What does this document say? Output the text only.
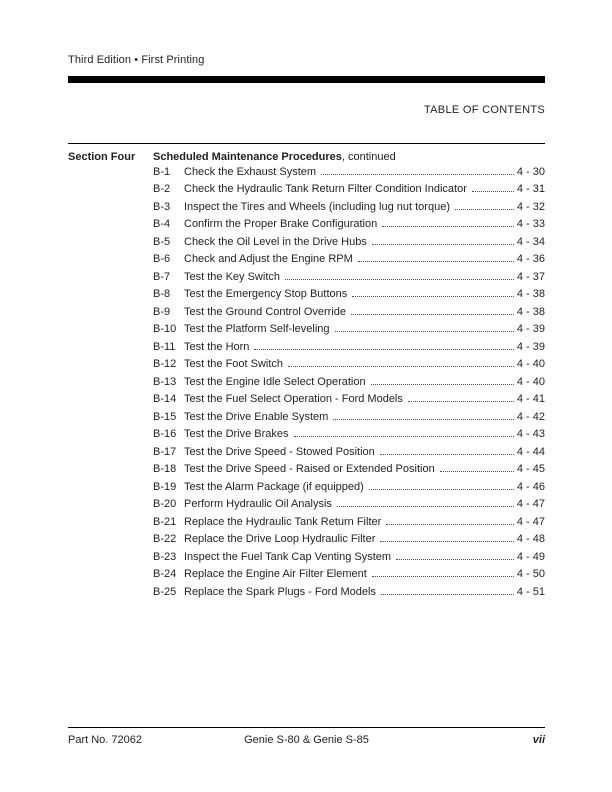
Third Edition • First Printing
TABLE OF CONTENTS
Section Four	Scheduled Maintenance Procedures, continued
B-1	Check the Exhaust System	4 - 30
B-2	Check the Hydraulic Tank Return Filter Condition Indicator	4 - 31
B-3	Inspect the Tires and Wheels (including lug nut torque)	4 - 32
B-4	Confirm the Proper Brake Configuration	4 - 33
B-5	Check the Oil Level in the Drive Hubs	4 - 34
B-6	Check and Adjust the Engine RPM	4 - 36
B-7	Test the Key Switch	4 - 37
B-8	Test the Emergency Stop Buttons	4 - 38
B-9	Test the Ground Control Override	4 - 38
B-10 Test the Platform Self-leveling	4 - 39
B-11 Test the Horn	4 - 39
B-12 Test the Foot Switch	4 - 40
B-13 Test the Engine Idle Select Operation	4 - 40
B-14 Test the Fuel Select Operation - Ford Models	4 - 41
B-15 Test the Drive Enable System	4 - 42
B-16 Test the Drive Brakes	4 - 43
B-17 Test the Drive Speed - Stowed Position	4 - 44
B-18 Test the Drive Speed - Raised or Extended Position	4 - 45
B-19 Test the Alarm Package (if equipped)	4 - 46
B-20 Perform Hydraulic Oil Analysis	4 - 47
B-21 Replace the Hydraulic Tank Return Filter	4 - 47
B-22 Replace the Drive Loop Hydraulic Filter	4 - 48
B-23 Inspect the Fuel Tank Cap Venting System	4 - 49
B-24 Replace the Engine Air Filter Element	4 - 50
B-25 Replace the Spark Plugs - Ford Models	4 - 51
Part No. 72062	Genie S-80 & Genie S-85	vii
